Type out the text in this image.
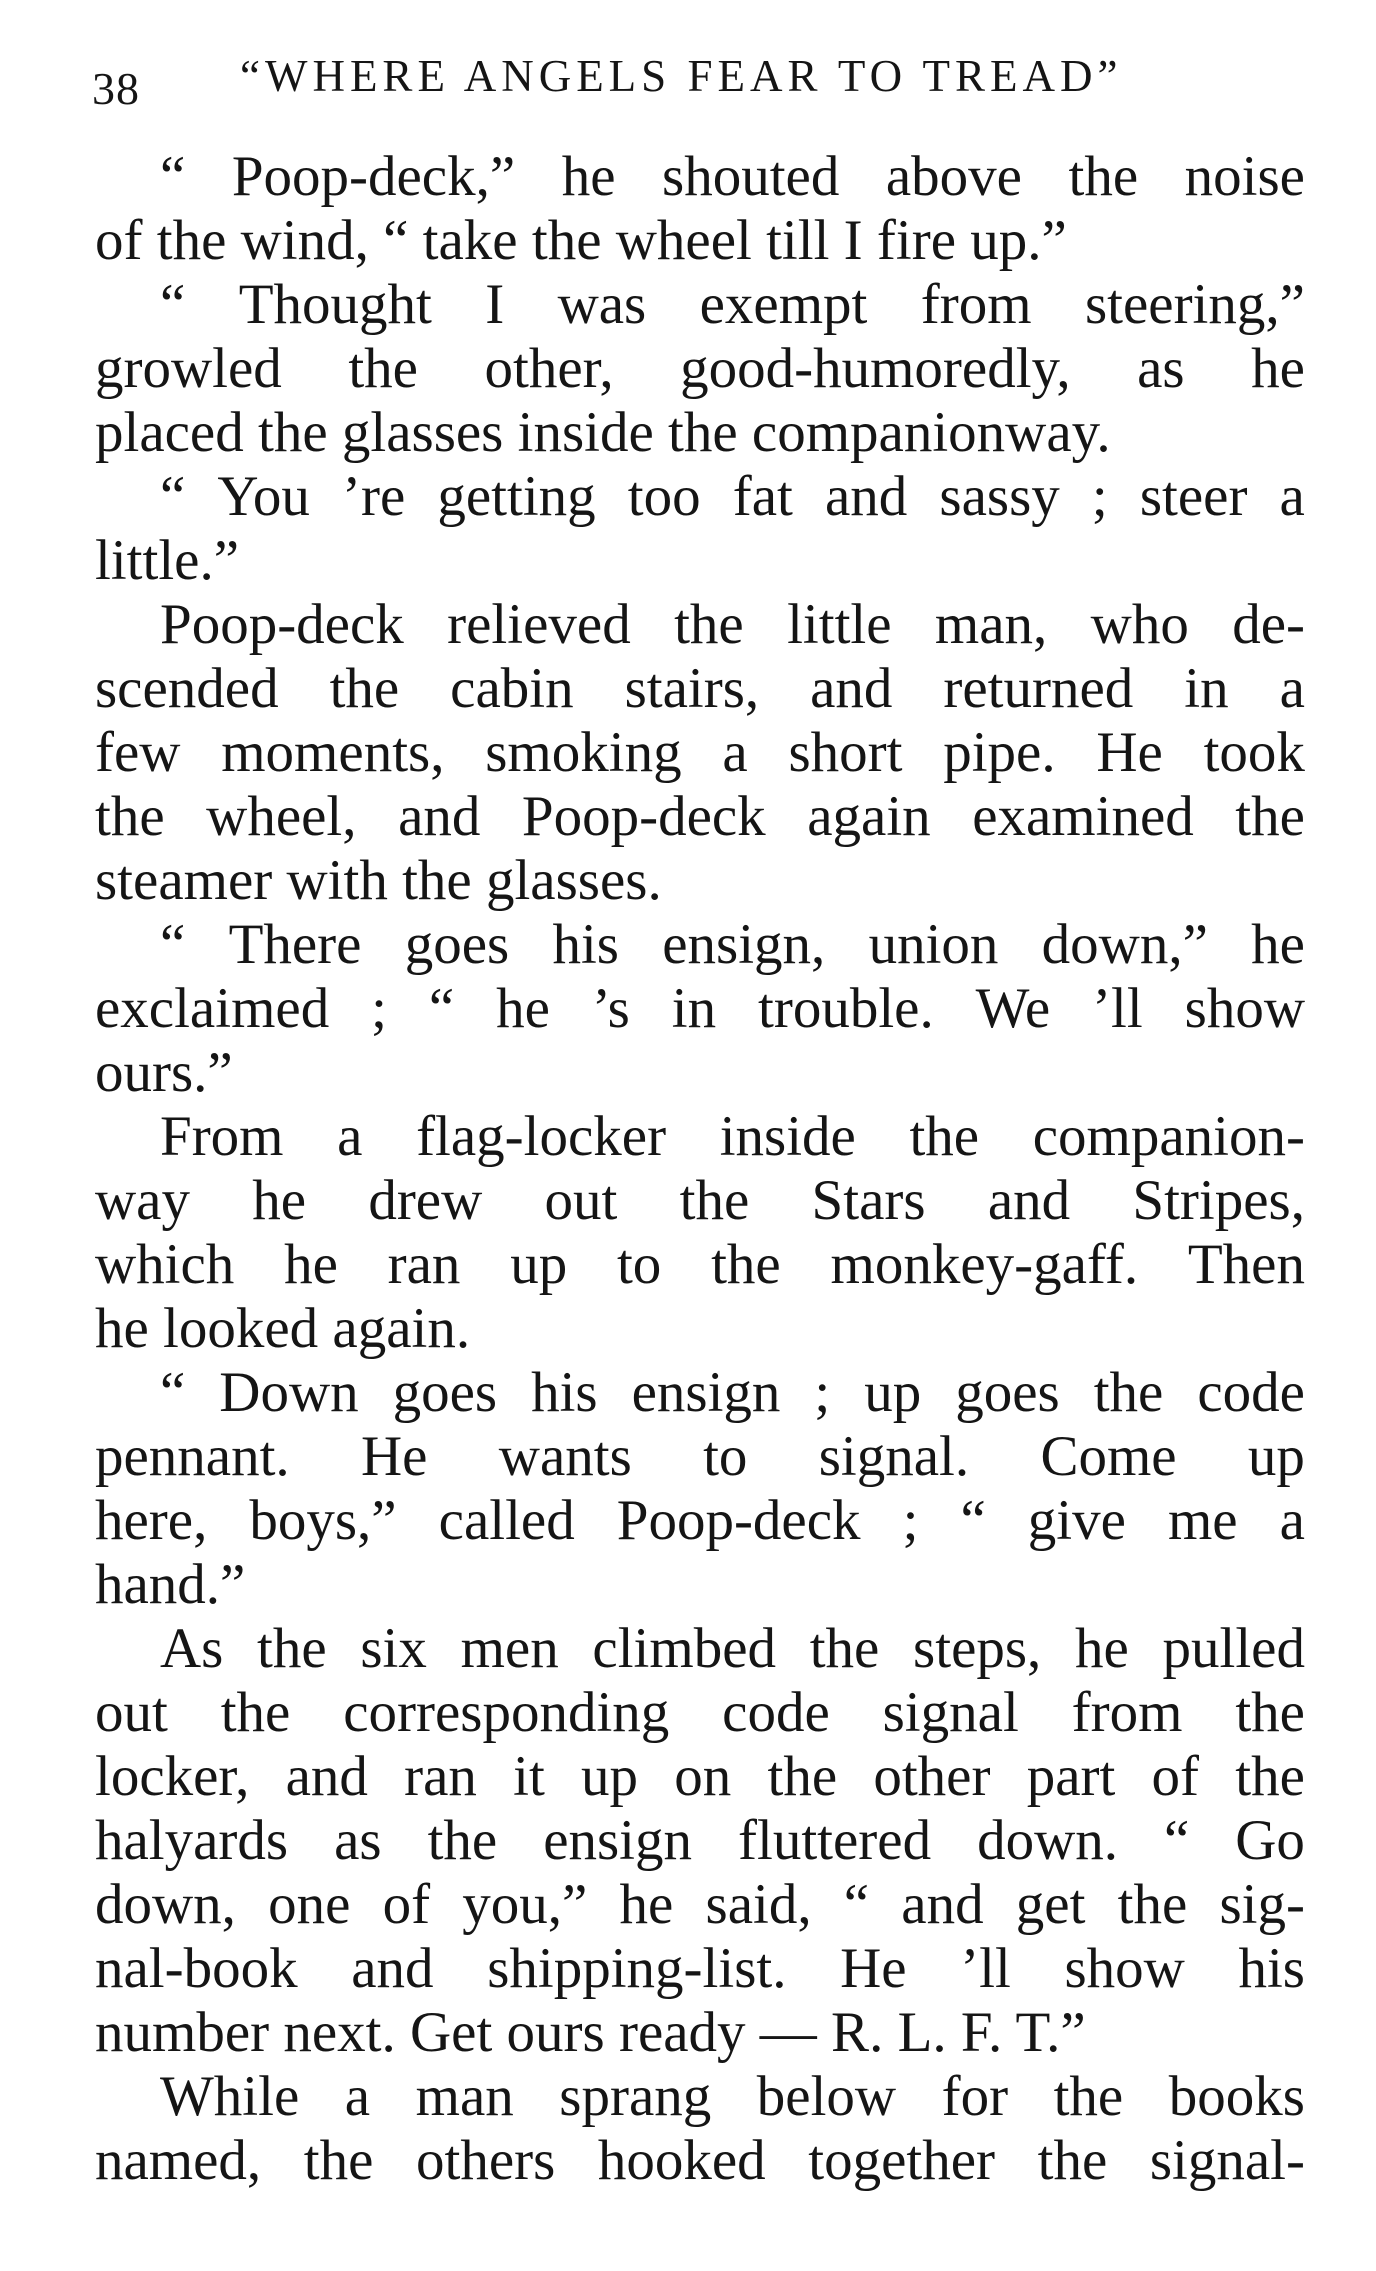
38 “WHERE ANGELS FEAR TO TREAD”
“ Poop-deck,” he shouted above the noise
of the wind, “ take the wheel till I fire up.”
“ Thought I was exempt from steering,”
growled the other, good-humoredly, as he
placed the glasses inside the companionway.
“ You ’re getting too fat and sassy ; steer a
little.”
Poop-deck relieved the little man, who de-
scended the cabin stairs, and returned in a
few moments, smoking a short pipe. He took
the wheel, and Poop-deck again examined the
steamer with the glasses.
“ There goes his ensign, union down,” he
exclaimed ; “ he ’s in trouble. We ’ll show
ours.”
From a flag-locker inside the companion-
way he drew out the Stars and Stripes,
which he ran up to the monkey-gaff. Then
he looked again.
“ Down goes his ensign ; up goes the code
pennant. He wants to signal. Come up
here, boys,” called Poop-deck ; “ give me a
hand.”
As the six men climbed the steps, he pulled
out the corresponding code signal from the
locker, and ran it up on the other part of the
halyards as the ensign fluttered down. “ Go
down, one of you,” he said, “ and get the sig-
nal-book and shipping-list. He ’ll show his
number next. Get ours ready — R. L. F. T.”
While a man sprang below for the books
named, the others hooked together the signal-
